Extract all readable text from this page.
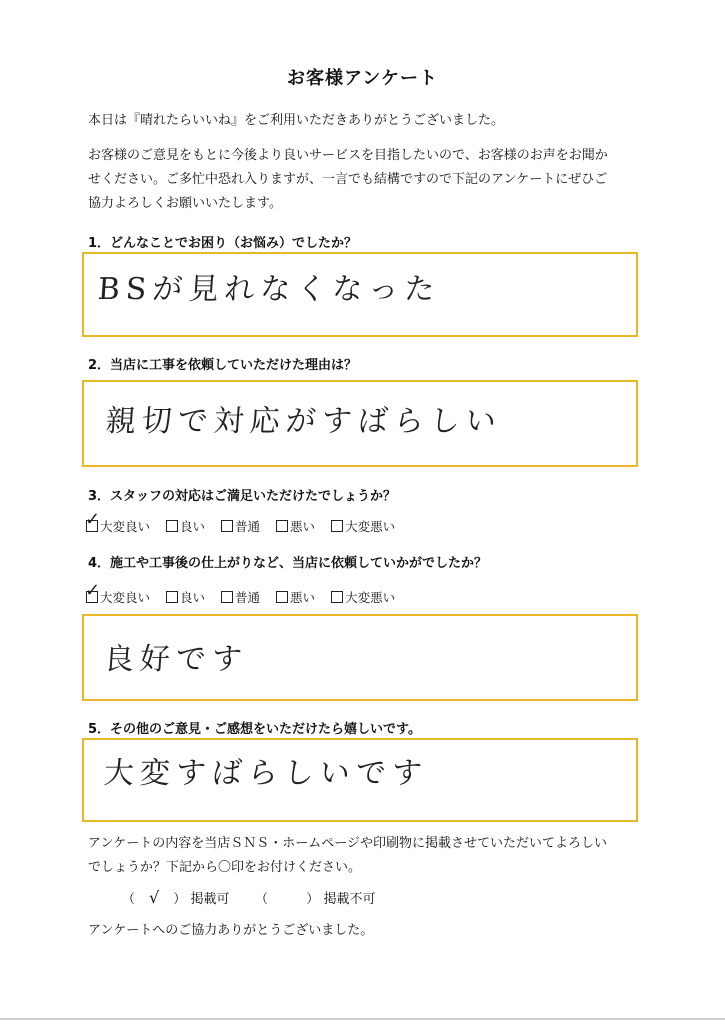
お客様アンケート
本日は『晴れたらいいね』をご利用いただきありがとうございました。
お客様のご意見をもとに今後より良いサービスを目指したいので、お客様のお声をお聞か
せください。ご多忙中恐れ入りますが、一言でも結構ですので下記のアンケートにぜひご
協力よろしくお願いいたします。
1．どんなことでお困り（お悩み）でしたか？
BSが見れなくなった
2．当店に工事を依頼していただけた理由は？
親切で対応がすばらしい
3．スタッフの対応はご満足いただけたでしょうか？
✓ 大変良い 良い 普通 悪い 大変悪い
4．施工や工事後の仕上がりなど、当店に依頼していかがでしたか？
✓ 大変良い 良い 普通 悪い 大変悪い
良好です
5．その他のご意見・ご感想をいただけたら嬉しいです。
大変すばらしいです
アンケートの内容を当店ＳＮＳ・ホームページや印刷物に掲載させていただいてよろしい
でしょうか？下記から〇印をお付けください。
（ √ ） 掲載可 （	） 掲載不可
アンケートへのご協力ありがとうございました。
